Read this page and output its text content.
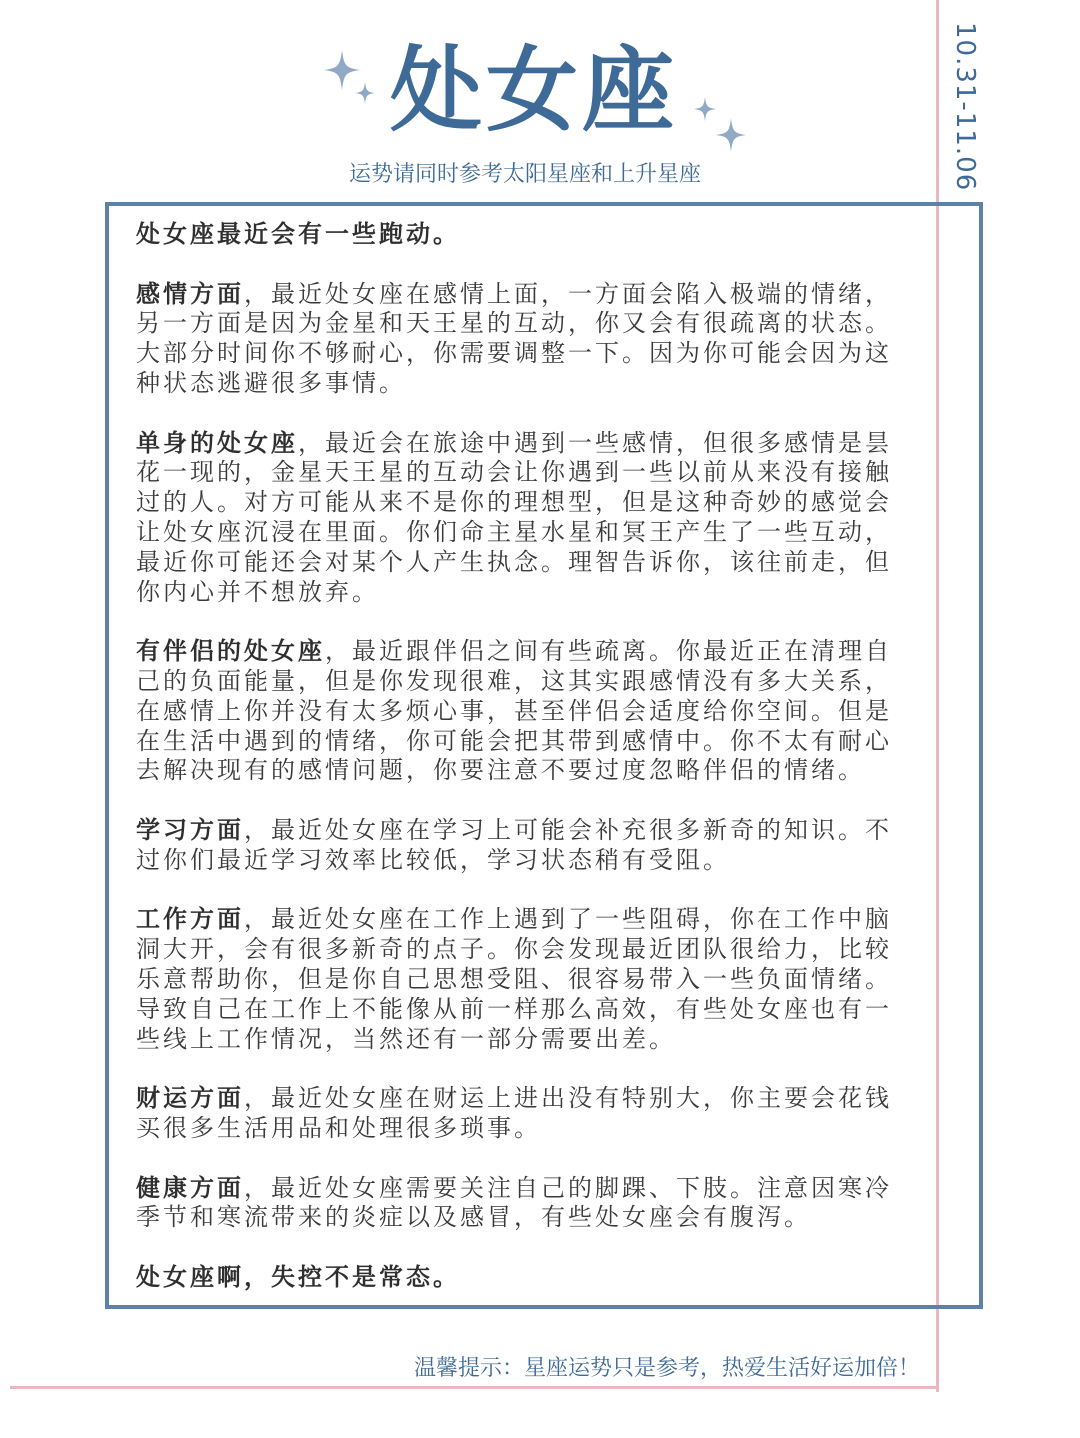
10.31-11.06
处女座
运势请同时参考太阳星座和上升星座

处女座最近会有一些跑动。

感情方面，最近处女座在感情上面，一方面会陷入极端的情绪，另一方面是因为金星和天王星的互动，你又会有很疏离的状态。大部分时间你不够耐心，你需要调整一下。因为你可能会因为这种状态逃避很多事情。

单身的处女座，最近会在旅途中遇到一些感情，但很多感情是昙花一现的，金星天王星的互动会让你遇到一些以前从来没有接触过的人。对方可能从来不是你的理想型，但是这种奇妙的感觉会让处女座沉浸在里面。你们命主星水星和冥王产生了一些互动，最近你可能还会对某个人产生执念。理智告诉你，该往前走，但你内心并不想放弃。

有伴侣的处女座，最近跟伴侣之间有些疏离。你最近正在清理自己的负面能量，但是你发现很难，这其实跟感情没有多大关系，在感情上你并没有太多烦心事，甚至伴侣会适度给你空间。但是在生活中遇到的情绪，你可能会把其带到感情中。你不太有耐心去解决现有的感情问题，你要注意不要过度忽略伴侣的情绪。

学习方面，最近处女座在学习上可能会补充很多新奇的知识。不过你们最近学习效率比较低，学习状态稍有受阻。

工作方面，最近处女座在工作上遇到了一些阻碍，你在工作中脑洞大开，会有很多新奇的点子。你会发现最近团队很给力，比较乐意帮助你，但是你自己思想受阻、很容易带入一些负面情绪。导致自己在工作上不能像从前一样那么高效，有些处女座也有一些线上工作情况，当然还有一部分需要出差。

财运方面，最近处女座在财运上进出没有特别大，你主要会花钱买很多生活用品和处理很多琐事。

健康方面，最近处女座需要关注自己的脚踝、下肢。注意因寒冷季节和寒流带来的炎症以及感冒，有些处女座会有腹泻。

处女座啊，失控不是常态。

温馨提示：星座运势只是参考，热爱生活好运加倍！
